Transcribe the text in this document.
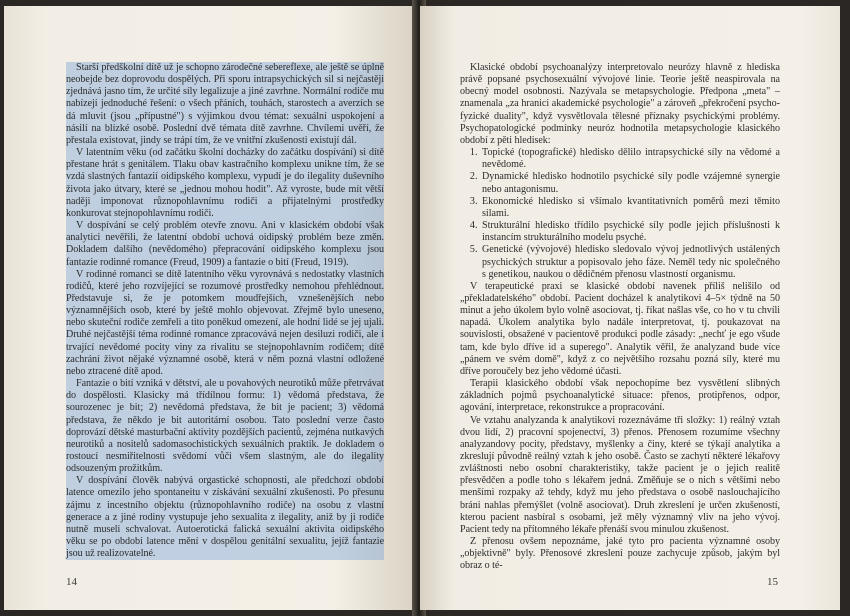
Starší předškolní dítě už je schopno zárodečné sebereflexe, ale ještě se úplně neobejde bez doprovodu dospělých. Při sporu intrapsychických sil si nejčastěji zjednává jasno tím, že určité síly legalizuje a jiné zavrhne. Normální rodiče mu nabízejí jednoduché řešení: o všech přáních, touhách, starostech a averzích se dá mluvit (jsou „přípustné") s výjimkou dvou témat: sexuální uspokojení a násilí na blízké osobě. Poslední dvě témata dítě zavrhne. Chvílemi uvěří, že přestala existovat, jindy se trápí tím, že ve vnitřní zkušenosti existují dál.

V latentním věku (od začátku školní docházky do začátku dospívání) si dítě přestane hrát s genitálem. Tlaku obav kastračního komplexu unikne tím, že se vzdá slastných fantazií oidipského komplexu, vypudí je do ilegality duševního života jako útvary, které se „jednou mohou hodit". Až vyroste, bude mít větší naději imponovat různopohlavnímu rodiči a přijatelnými prostředky konkurovat stejnopohlavnímu rodiči.

V dospívání se celý problém otevře znovu. Ani v klasickém období však analytici nevěřili, že latentní období uchová oidipský problém beze změn. Dokladem dalšího (nevědomého) přepracování oidipského komplexu jsou fantazie rodinné romance (Freud, 1909) a fantazie o bití (Freud, 1919).

V rodinné romanci se dítě latentního věku vyrovnává s nedostatky vlastních rodičů, které jeho rozvíjející se rozumové prostředky nemohou přehlédnout. Představuje si, že je potomkem moudřejších, vznešenějších nebo významnějších osob, které by ještě mohlo objevovat. Zřejmě bylo uneseno, nebo skuteční rodiče zemřeli a tito poněkud omezení, ale hodní lidé se jej ujali. Druhé nejčastější téma rodinné romance zpracovává nejen desiluzi rodiči, ale i trvající nevědomé pocity viny za rivalitu se stejnopohlavním rodičem; dítě zachrání život nějaké významné osobě, která v něm pozná vlastní odložené nebo ztracené dítě apod.

Fantazie o bití vzniká v dětství, ale u povahových neurotiků může přetrvávat do dospělosti. Klasicky má třídílnou formu: 1) vědomá představa, že sourozenec je bit; 2) nevědomá představa, že bit je pacient; 3) vědomá představa, že někdo je bit autoritární osobou. Tato poslední verze často doprovází dětské masturbační aktivity pozdějších pacientů, zejména nutkavých neurotiků a nositelů sadomasochistických sexuálních praktik. Je dokladem o rostoucí nesmiřitelnosti svědomí vůči všem slastným, ale do ilegality odsouzeným prožitkům.

V dospívání člověk nabývá orgastické schopnosti, ale předchozí období latence omezilo jeho spontaneitu v získávání sexuální zkušenosti. Po přesunu zájmu z incestního objektu (různopohlavního rodiče) na osobu z vlastní generace a z jiné rodiny vystupuje jeho sexualita z ilegality, aniž by ji rodiče nutně museli schvalovat. Autoerotická falická sexuální aktivita oidipského věku se po období latence mění v dospělou genitální sexualitu, jejíž fantazie jsou už realizovatelné.

14

Klasické období psychoanalýzy interpretovalo neurózy hlavně z hlediska právě popsané psychosexuální vývojové linie. Teorie ještě neaspirovala na obecný model osobnosti. Nazývala se metapsychologie. Předpona „meta" – znamenala „za hranici akademické psychologie" a zároveň „překročení psycho-fyzické duality", když vysvětlovala tělesné příznaky psychickými problémy. Psychopatologické podmínky neuróz hodnotila metapsychologie klasického období z pěti hledisek:

1. Topické (topografické) hledisko dělilo intrapsychické síly na vědomé a nevědomé.
2. Dynamické hledisko hodnotilo psychické síly podle vzájemné synergie nebo antagonismu.
3. Ekonomické hledisko si všímalo kvantitativních poměrů mezi těmito silami.
4. Strukturální hledisko třídilo psychické síly podle jejich příslušnosti k instancím strukturálního modelu psyché.
5. Genetické (vývojové) hledisko sledovalo vývoj jednotlivých ustálených psychických struktur a popisovalo jeho fáze. Neměl tedy nic společného s genetikou, naukou o dědičném přenosu vlastností organismu.

V terapeutické praxi se klasické období navenek příliš nelišilo od „překladatelského" období. Pacient docházel k analytikovi 4–5× týdně na 50 minut a jeho úkolem bylo volně asociovat, tj. říkat našlas vše, co ho v tu chvíli napadá. Úkolem analytika bylo nadále interpretovat, tj. poukazovat na souvislosti, obsažené v pacientově produkci podle zásady: „nechť je ego všude tam, kde bylo dříve id a superego". Analytik věřil, že analyzand bude více „pánem ve svém domě", když z co největšího rozsahu pozná síly, které mu dříve poroučely bez jeho vědomé účasti.

Terapii klasického období však nepochopíme bez vysvětlení slibných základních pojmů psychoanalytické situace: přenos, protipřenos, odpor, agování, interpretace, rekonstrukce a propracování.

Ve vztahu analyzanda k analytikovi rozeznáváme tři složky: 1) reálný vztah dvou lidí, 2) pracovní spojenectví, 3) přenos. Přenosem rozumíme všechny analyzandovy pocity, představy, myšlenky a činy, které se týkají analytika a zkreslují původně reálný vztah k jeho osobě. Často se zachytí některé lékařovy zvláštnosti nebo osobní charakteristiky, takže pacient je o jejich realitě přesvědčen a podle toho s lékařem jedná. Změňuje se o nich s většími nebo menšími rozpaky až tehdy, když mu jeho představa o osobě naslouchajícího bráni nahlas přemýšlet (volně asociovat). Druh zkreslení je určen zkušeností, kterou pacient nasbíral s osobami, jež měly významný vliv na jeho vývoj. Pacient tedy na přítomného lékaře přenáší svou minulou zkušenost.

Z přenosu ovšem nepoznáme, jaké tyto pro pacienta významné osoby „objektivně" byly. Přenosové zkreslení pouze zachycuje způsob, jakým byl obraz o té-

15
